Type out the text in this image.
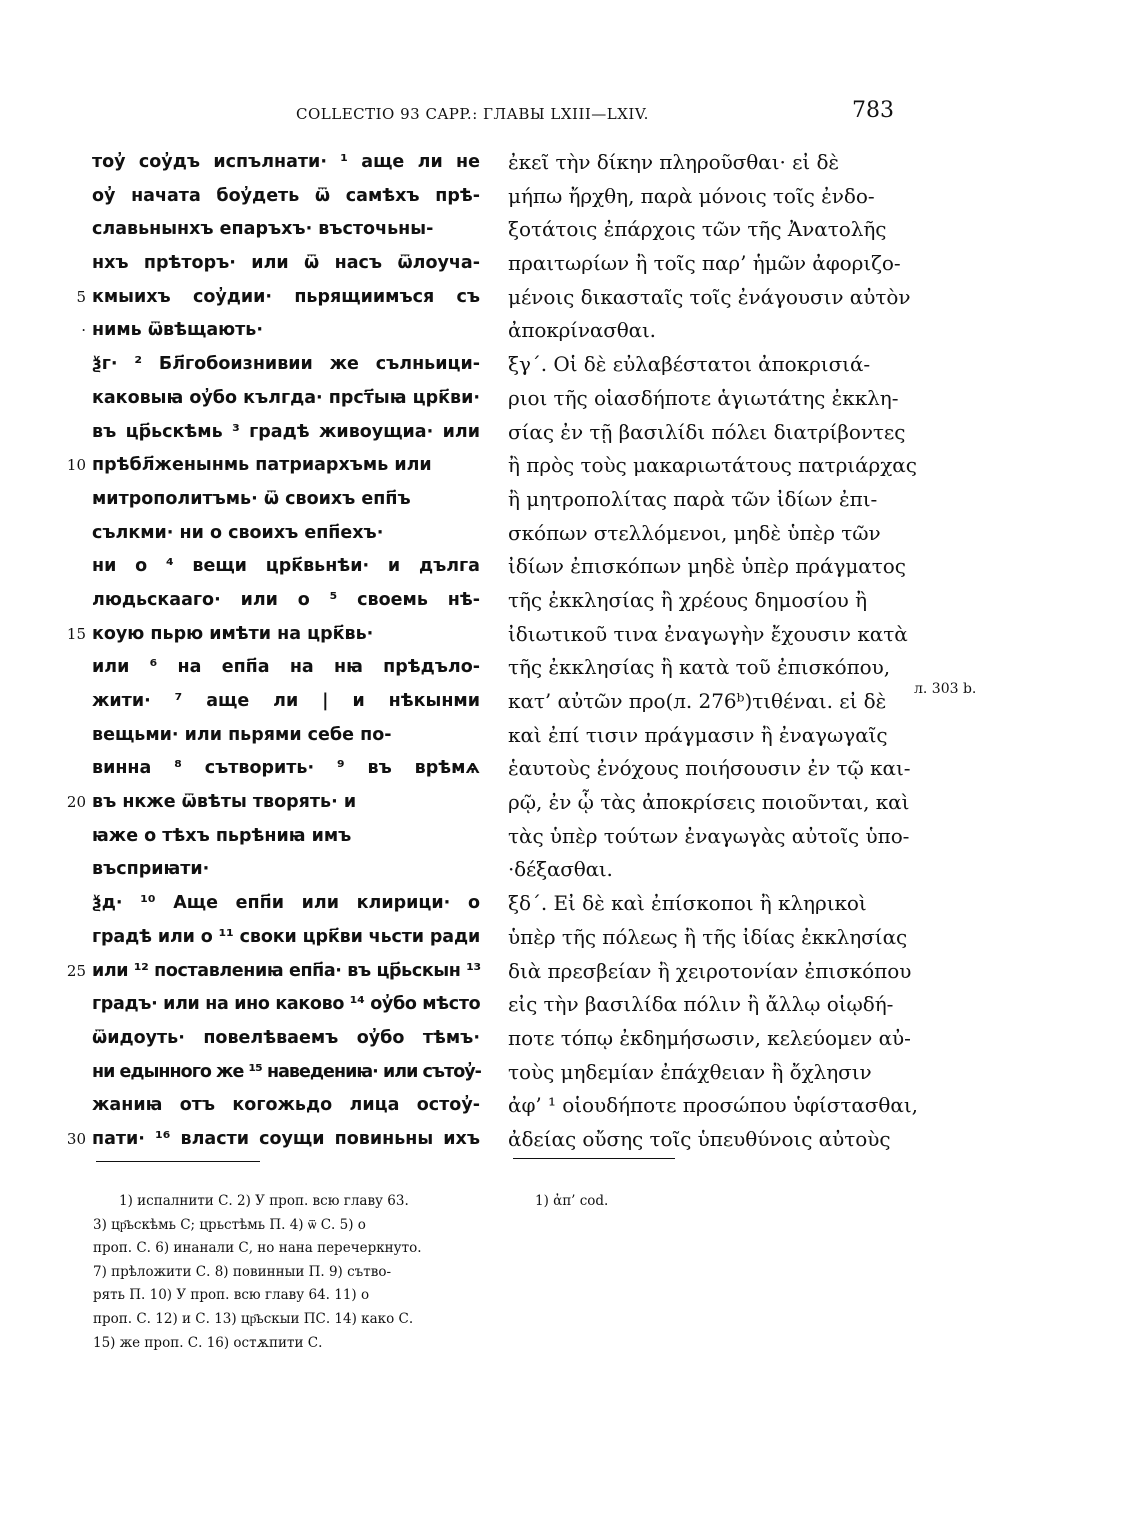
COLLECTIO 93 CAPP.: ГЛАВЫ LXIII—LXIV.	783
тоу̓ соу̓дъ испълнати· ¹ аще ли не
оу̓ начата боу̓деть ѿ самѣхъ прѣ-
славьнынхъ епаръхъ· въсточьны-
нхъ прѣторъ· или ѿ насъ ѿлоуча-
5 кмыихъ соу̓дии· пьрящиимъся съ
· нимь ѿвѣщають·
ѯг· ² Бл҃гобоизнивии же сълньици-
каковыꙗ оу̓бо кългда· прст҃ыꙗ црк҃ви·
въ цр҃ьскѣмь ³ градѣ живоущиа· или
10 прѣбл҃женынмь патриархъмь или
митрополитъмь· ѿ своихъ епп҃ъ
сълкми· ни о своихъ епп҃ехъ·
ни о ⁴ вещи црк҃вьнѣи· и дълга
людьскааго· или о ⁵ своемь нѣ-
15 коую пьрю имѣти на црк҃вь·
или ⁶ на епп҃а на нꙗ прѣдъло-
жити· ⁷ аще ли | и нѣкынми
вещьми· или пьрями себе по-
винна ⁸ сътворить· ⁹ въ врѣмѧ
20 въ нкже ѿвѣты творять· и
ꙗже о тѣхъ пьрѣниꙗ имъ
въсприꙗти·
ѯд· ¹⁰ Аще епп҃и или клирици· о
градѣ или о ¹¹ своки црк҃ви чьсти ради
25 или ¹² поставлениꙗ епп҃а· въ цр҃ьскын ¹³
градъ· или на ино каково ¹⁴ оу̓бо мѣсто
ѿидоуть· повелѣваемъ оу̓бо тѣмъ·
ни едынного же ¹⁵ наведениꙗ· или сътоу̓-
жаниꙗ отъ когожьдо лица остоу̓-
30 пати· ¹⁶ власти соущи повиньны ихъ
ἐκεῖ τὴν δίκην πληροῦσθαι· εἰ δὲ
μήπω ἤρχθη, παρὰ μόνοις τοῖς ἐνδο-
ξοτάτοις ἐπάρχοις τῶν τῆς Ἀνατολῆς
πραιτωρίων ἢ τοῖς παρ’ ἡμῶν ἀφοριζο-
μένοις δικασταῖς τοῖς ἐνάγουσιν αὐτὸν
ἀποκρίνασθαι.
ξγ΄. Οἱ δὲ εὐλαβέστατοι ἀποκρισιά-
ριοι τῆς οἱασδήποτε ἁγιωτάτης ἐκκλη-
σίας ἐν τῇ βασιλίδι πόλει διατρίβοντες
ἢ πρὸς τοὺς μακαριωτάτους πατριάρχας
ἢ μητροπολίτας παρὰ τῶν ἰδίων ἐπι-
σκόπων στελλόμενοι, μηδὲ ὑπὲρ τῶν
ἰδίων ἐπισκόπων μηδὲ ὑπὲρ πράγματος
τῆς ἐκκλησίας ἢ χρέους δημοσίου ἢ
ἰδιωτικοῦ τινα ἐναγωγὴν ἔχουσιν κατὰ
τῆς ἐκκλησίας ἢ κατὰ τοῦ ἐπισκόπου,
κατ’ αὐτῶν προ(л. 276ᵇ)τιθέναι. εἰ δὲ
καὶ ἐπί τισιν πράγμασιν ἢ ἐναγωγαῖς
ἑαυτοὺς ἐνόχους ποιήσουσιν ἐν τῷ και-
ρῷ, ἐν ᾧ τὰς ἀποκρίσεις ποιοῦνται, καὶ
τὰς ὑπὲρ τούτων ἐναγωγὰς αὐτοῖς ὑπο-
·δέξασθαι.
ξδ΄. Εἰ δὲ καὶ ἐπίσκοποι ἢ κληρικοὶ
ὑπὲρ τῆς πόλεως ἢ τῆς ἰδίας ἐκκλησίας
διὰ πρεσβείαν ἢ χειροτονίαν ἐπισκόπου
εἰς τὴν βασιλίδα πόλιν ἢ ἄλλῳ οἱῳδή-
ποτε τόπῳ ἐκδημήσωσιν, κελεύομεν αὐ-
τοὺς μηδεμίαν ἐπάχθειαν ἢ ὄχλησιν
ἀφ’ ¹ οἱουδήποτε προσώπου ὑφίστασθαι,
ἀδείας οὔσης τοῖς ὑπευθύνοις αὐτοὺς
л. 303 b.
1) испалнити С. 2) У проп. всю главу 63.
3) цр҃ьскѣмь С; црьстѣмь П. 4) ѿ С. 5) о
проп. С. 6) инанали С, но нана перечеркнуто.
7) прѣложити С. 8) повинныи П. 9) сътво-
рять П. 10) У проп. всю главу 64. 11) о
проп. С. 12) и С. 13) цр҃ьскыи ПС. 14) како С.
15) же проп. С. 16) остѫпити С.
1) ἀπ’ cod.
